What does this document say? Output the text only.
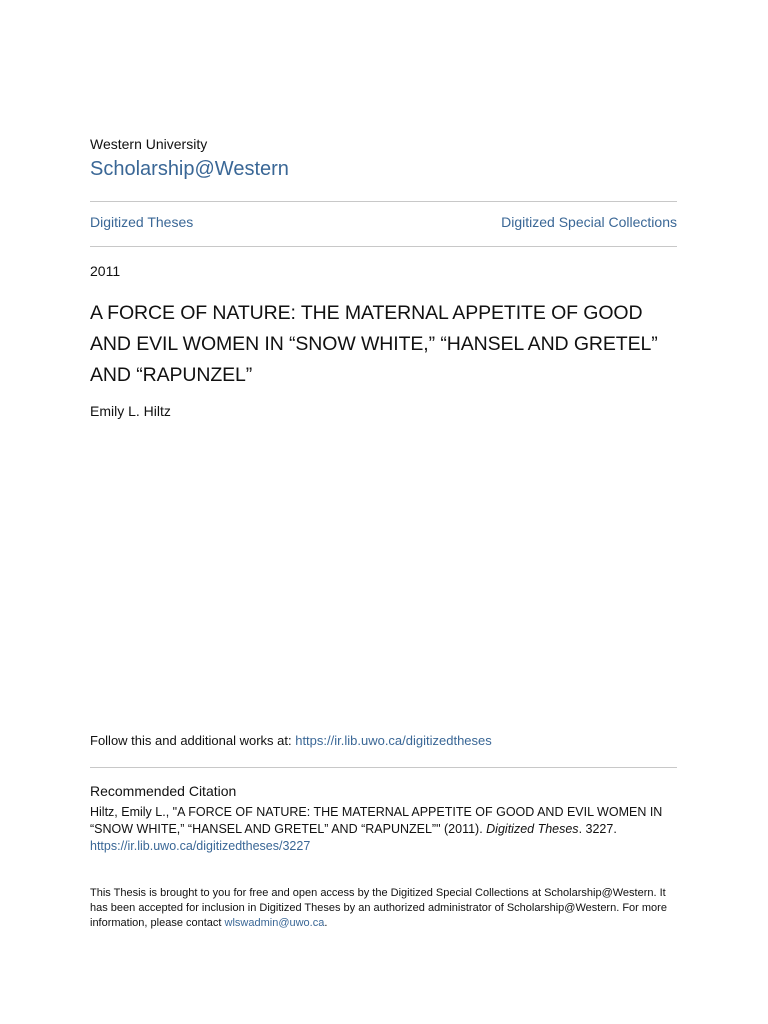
Western University
Scholarship@Western
Digitized Theses	Digitized Special Collections
2011
A FORCE OF NATURE: THE MATERNAL APPETITE OF GOOD AND EVIL WOMEN IN “SNOW WHITE,” “HANSEL AND GRETEL” AND “RAPUNZEL”
Emily L. Hiltz
Follow this and additional works at: https://ir.lib.uwo.ca/digitizedtheses
Recommended Citation
Hiltz, Emily L., "A FORCE OF NATURE: THE MATERNAL APPETITE OF GOOD AND EVIL WOMEN IN “SNOW WHITE,” “HANSEL AND GRETEL” AND “RAPUNZEL”" (2011). Digitized Theses. 3227.
https://ir.lib.uwo.ca/digitizedtheses/3227
This Thesis is brought to you for free and open access by the Digitized Special Collections at Scholarship@Western. It has been accepted for inclusion in Digitized Theses by an authorized administrator of Scholarship@Western. For more information, please contact wlswadmin@uwo.ca.
